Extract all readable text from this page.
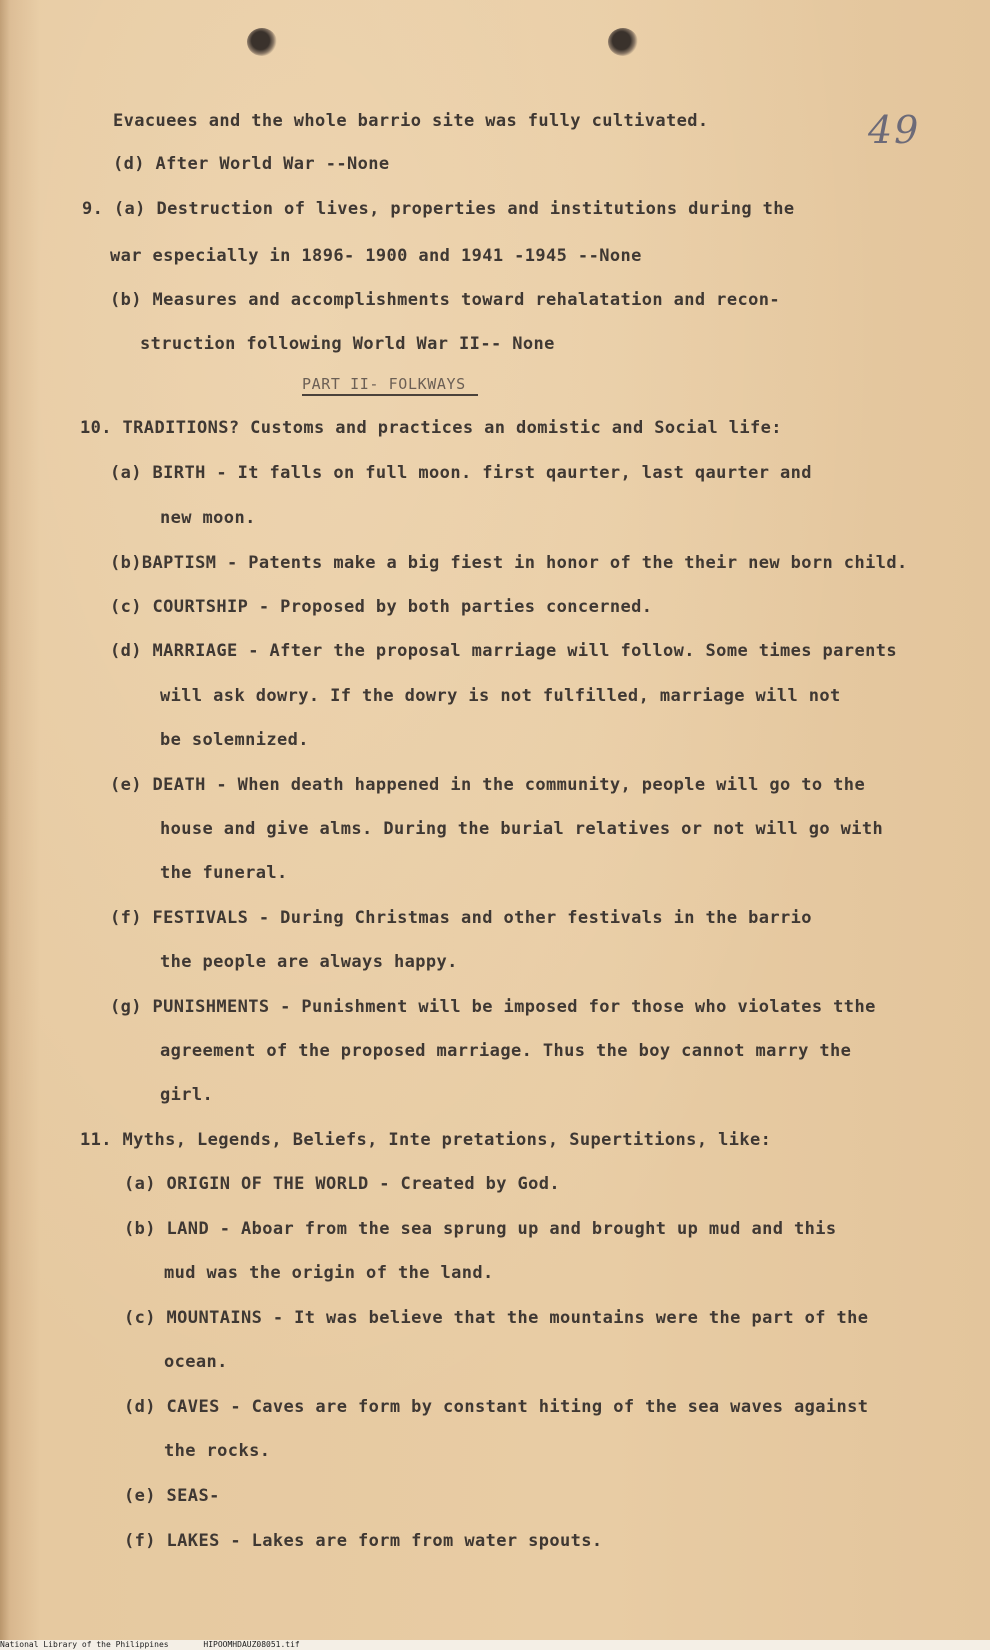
49
Evacuees and the whole barrio site was fully cultivated.
(d) After World War --None
9. (a) Destruction of lives, properties and institutions during the
war especially in 1896- 1900 and 1941 -1945 --None
(b) Measures and accomplishments toward rehalatation and recon-
struction following World War II-- None
PART II- FOLKWAYS
10. TRADITIONS? Customs and practices an domistic and Social life:
(a) BIRTH - It falls on full moon. first qaurter, last qaurter and
new moon.
(b)BAPTISM - Patents make a big fiest in honor of the their new born child.
(c) COURTSHIP - Proposed by both parties concerned.
(d) MARRIAGE - After the proposal marriage will follow. Some times parents
will ask dowry. If the dowry is not fulfilled, marriage will not
be solemnized.
(e) DEATH - When death happened in the community, people will go to the
house and give alms. During the burial relatives or not will go with
the funeral.
(f) FESTIVALS - During Christmas and other festivals in the barrio
the people are always happy.
(g) PUNISHMENTS - Punishment will be imposed for those who violates tthe
agreement of the proposed marriage. Thus the boy cannot marry the
girl.
11. Myths, Legends, Beliefs, Inte pretations, Supertitions, like:
(a) ORIGIN OF THE WORLD - Created by God.
(b) LAND - Aboar from the sea sprung up and brought up mud and this
mud was the origin of the land.
(c) MOUNTAINS - It was believe that the mountains were the part of the
ocean.
(d) CAVES - Caves are form by constant hiting of the sea waves against
the rocks.
(e) SEAS-
(f) LAKES - Lakes are form from water spouts.
National Library of the Philippines	HIPOOMHDAUZ08051.tif
